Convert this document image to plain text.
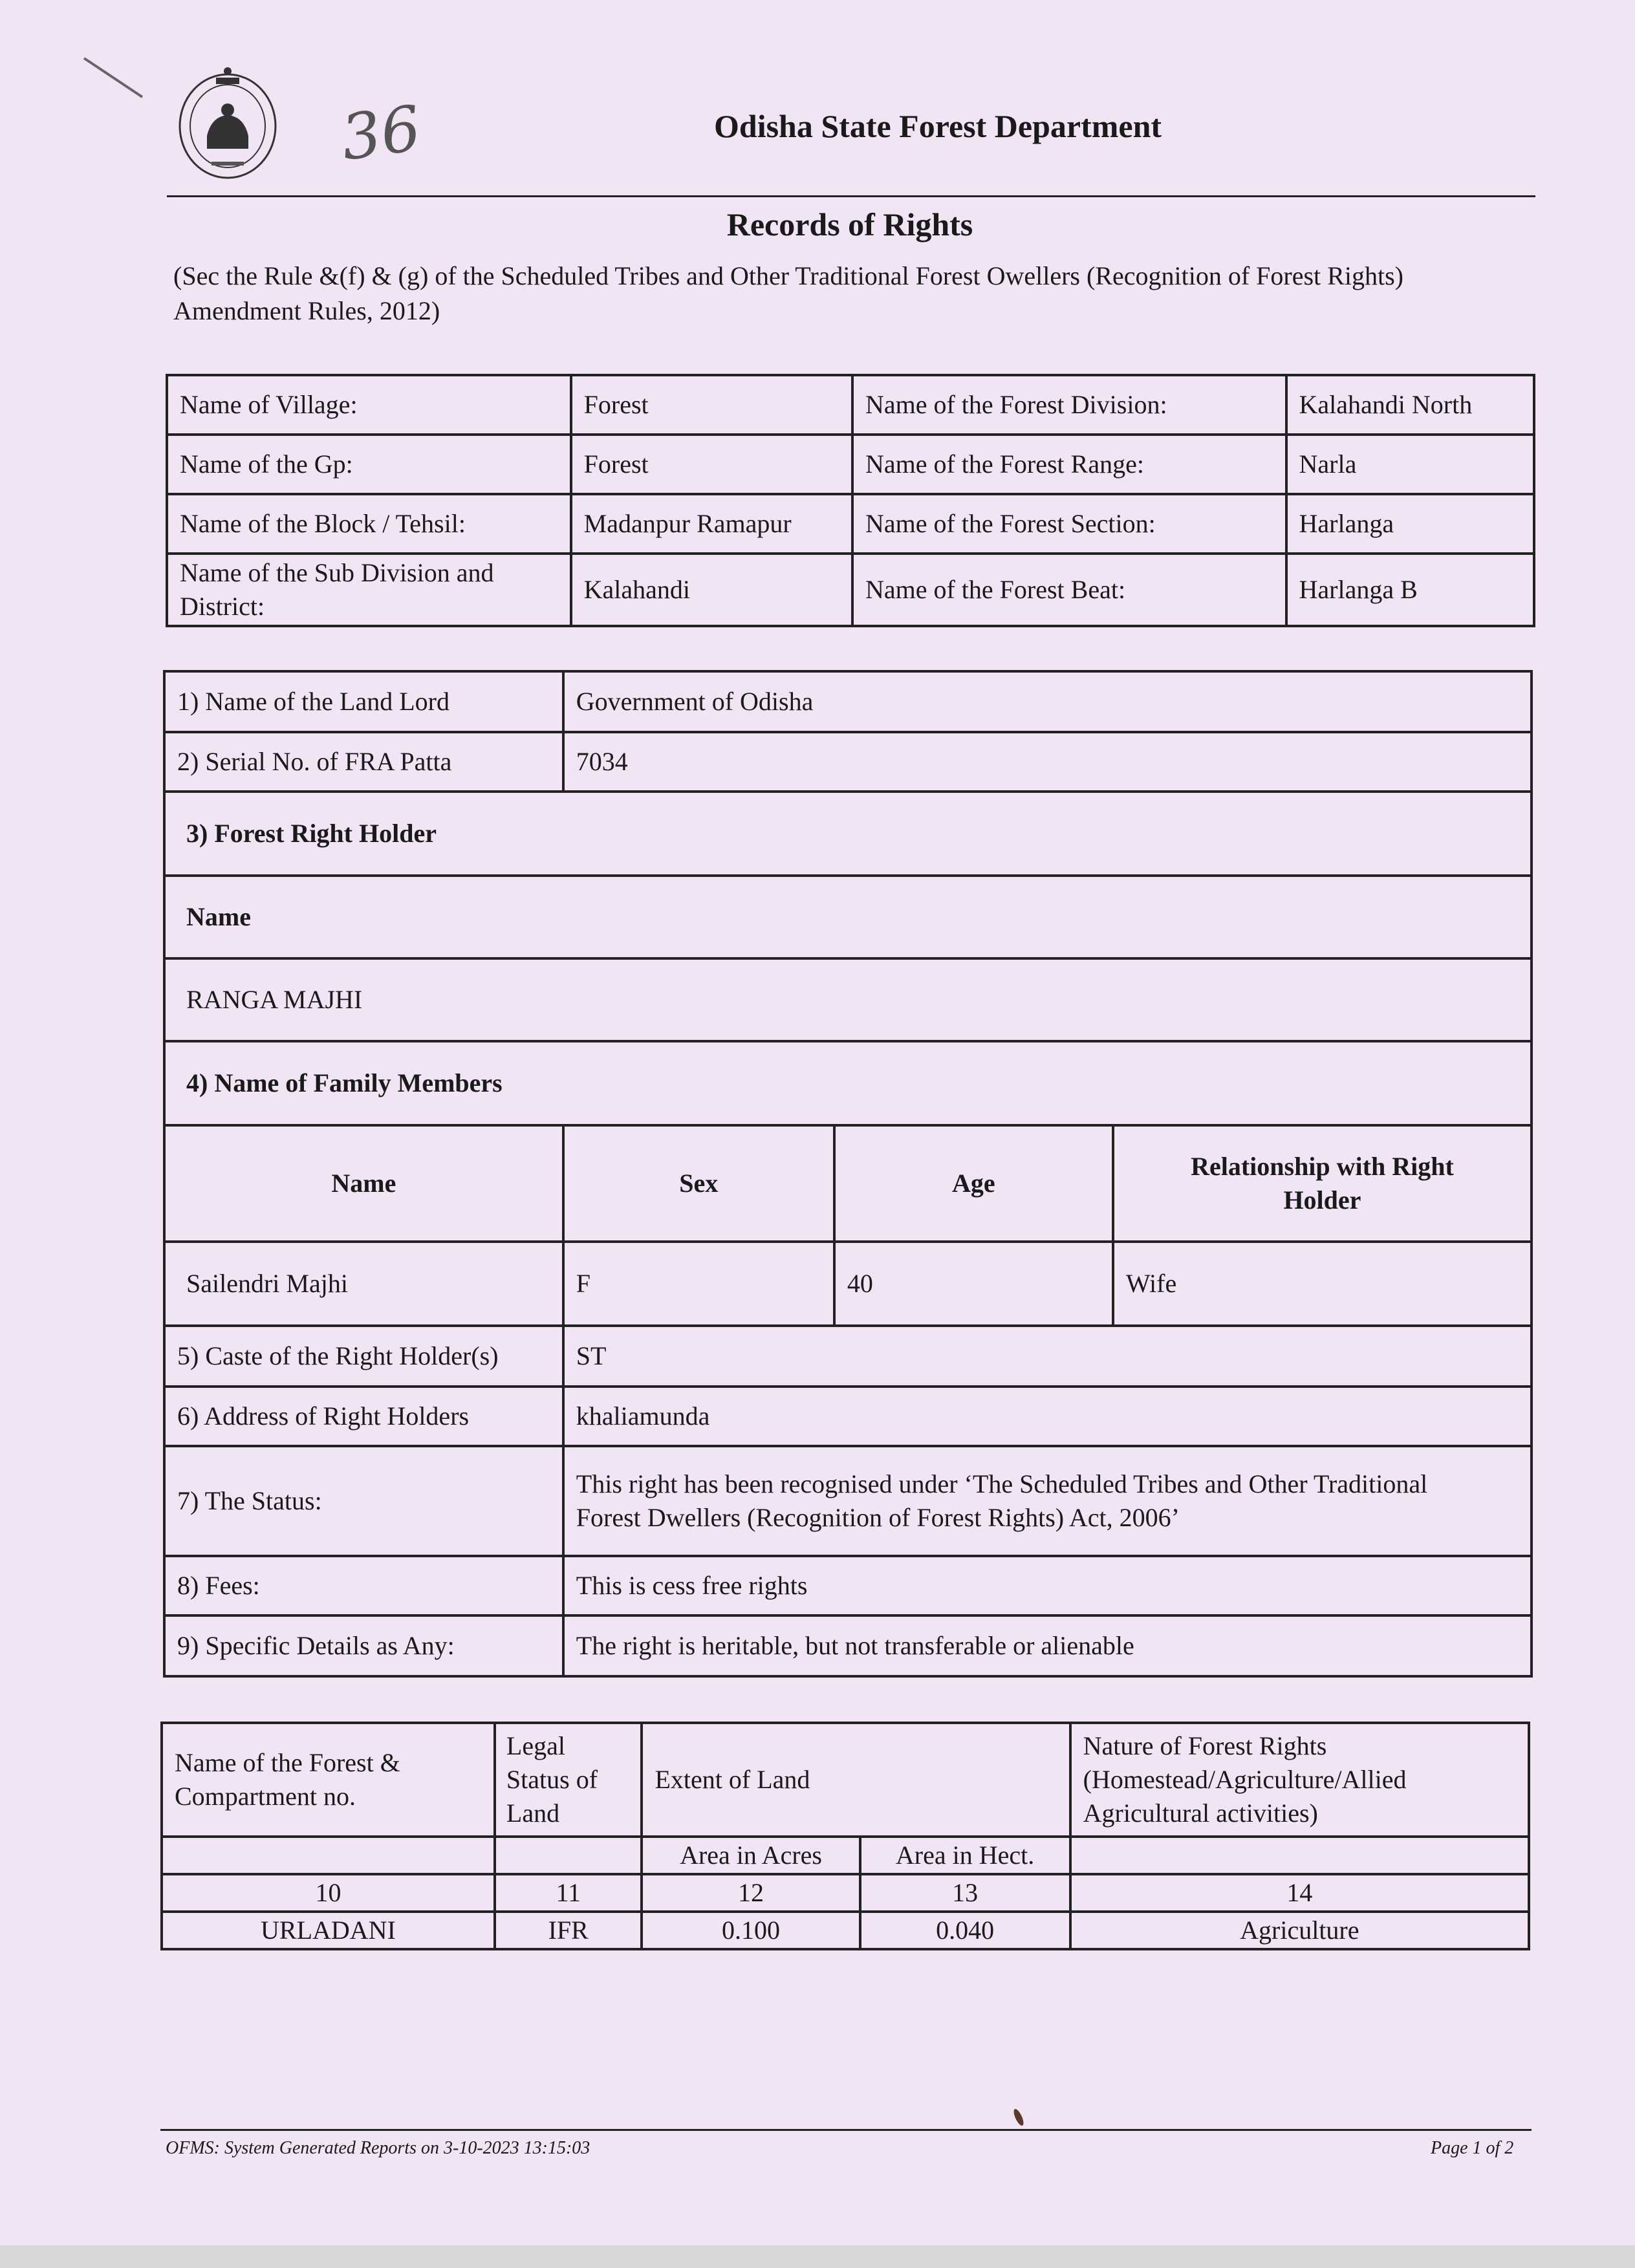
36	Odisha State Forest Department
Records of Rights
(Sec the Rule &(f) & (g) of the Scheduled Tribes and Other Traditional Forest Owellers (Recognition of Forest Rights) Amendment Rules, 2012)
Name of Village:	Forest	Name of the Forest Division:	Kalahandi North
Name of the Gp:	Forest	Name of the Forest Range:	Narla
Name of the Block / Tehsil:	Madanpur Ramapur	Name of the Forest Section:	Harlanga
Name of the Sub Division and District:	Kalahandi	Name of the Forest Beat:	Harlanga B
1) Name of the Land Lord	Government of Odisha		
2) Serial No. of FRA Patta	7034		
3) Forest Right Holder			
Name			
RANGA MAJHI			
4) Name of Family Members			
Name	Sex	Age	Relationship with Right Holder
Sailendri Majhi	F	40	Wife
5) Caste of the Right Holder(s)	ST		
6) Address of Right Holders	khaliamunda		
7) The Status:	This right has been recognised under ‘The Scheduled Tribes and Other Traditional
Forest Dwellers (Recognition of Forest Rights) Act, 2006’		

8) Fees:	This is cess free rights		
9) Specific Details as Any:	The right is heritable, but not transferable or alienable		
Name of the Forest & Compartment no.	Legal Status of Land	Extent of Land		Nature of Forest Rights (Homestead/Agriculture/Allied Agricultural activities)
		Area in Acres	Area in Hect.	
10	11	12	13	14
URLADANI	IFR	0.100	0.040	Agriculture
OFMS: System Generated Reports on 3-10-2023 13:15:03	Page 1 of 2
